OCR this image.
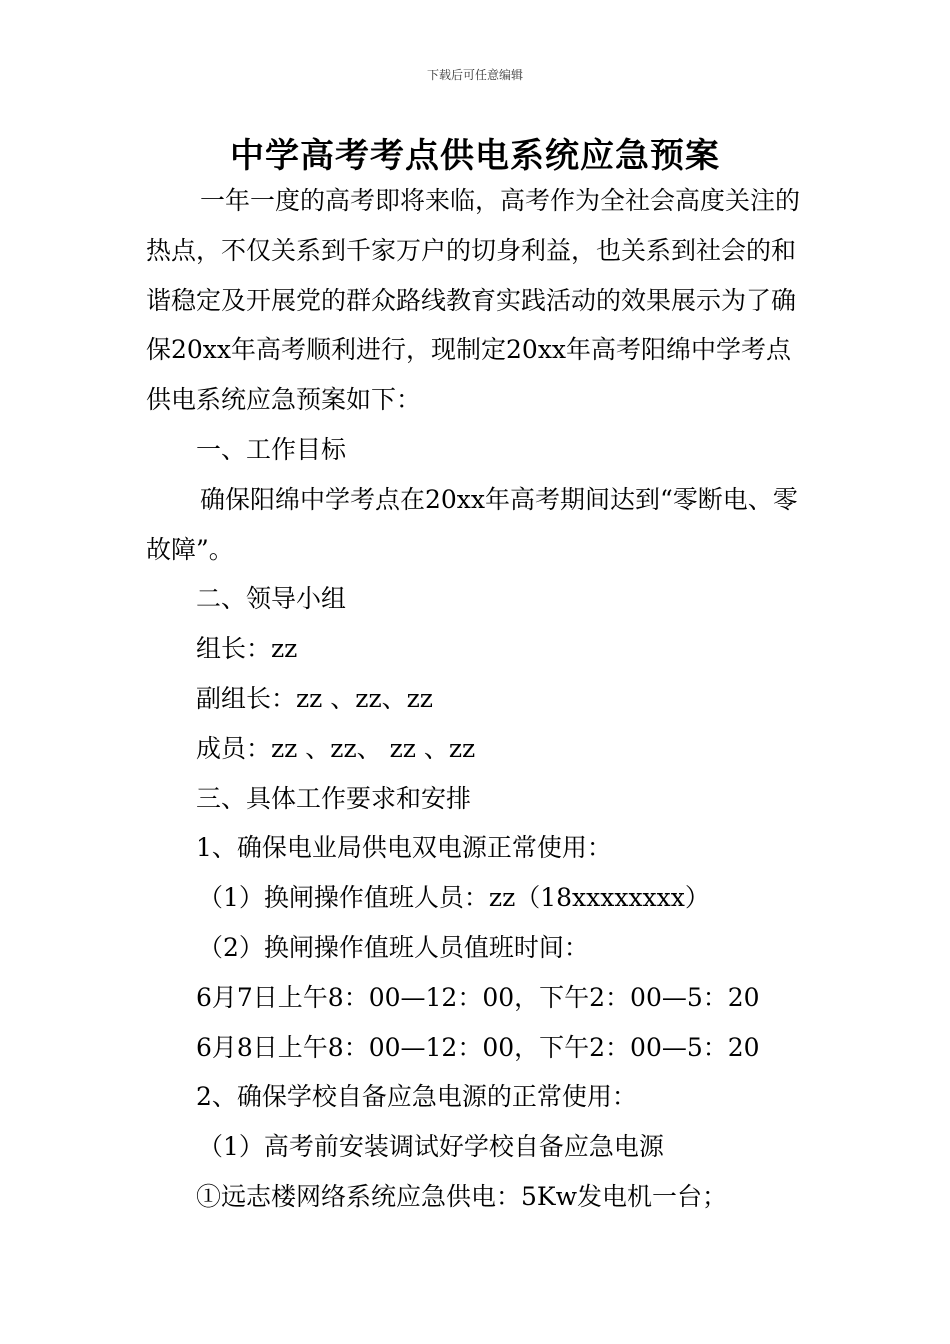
下载后可任意编辑
中学高考考点供电系统应急预案

一年一度的高考即将来临，高考作为全社会高度关注的热点，不仅关系到千家万户的切身利益，也关系到社会的和谐稳定及开展党的群众路线教育实践活动的效果展示为了确保20xx年高考顺利进行，现制定20xx年高考阳绵中学考点供电系统应急预案如下：

一、工作目标

确保阳绵中学考点在20xx年高考期间达到“零断电、零故障”。

二、领导小组

组长：zz

副组长：zz 、zz、zz

成员：zz 、zz、 zz 、zz

三、具体工作要求和安排

1、确保电业局供电双电源正常使用：

（1）换闸操作值班人员：zz（18xxxxxxxx）

（2）换闸操作值班人员值班时间：

6月7日上午8：00—12：00，下午2：00—5：20

6月8日上午8：00—12：00，下午2：00—5：20

2、确保学校自备应急电源的正常使用：

（1）高考前安装调试好学校自备应急电源

①远志楼网络系统应急供电：5Kw发电机一台；
